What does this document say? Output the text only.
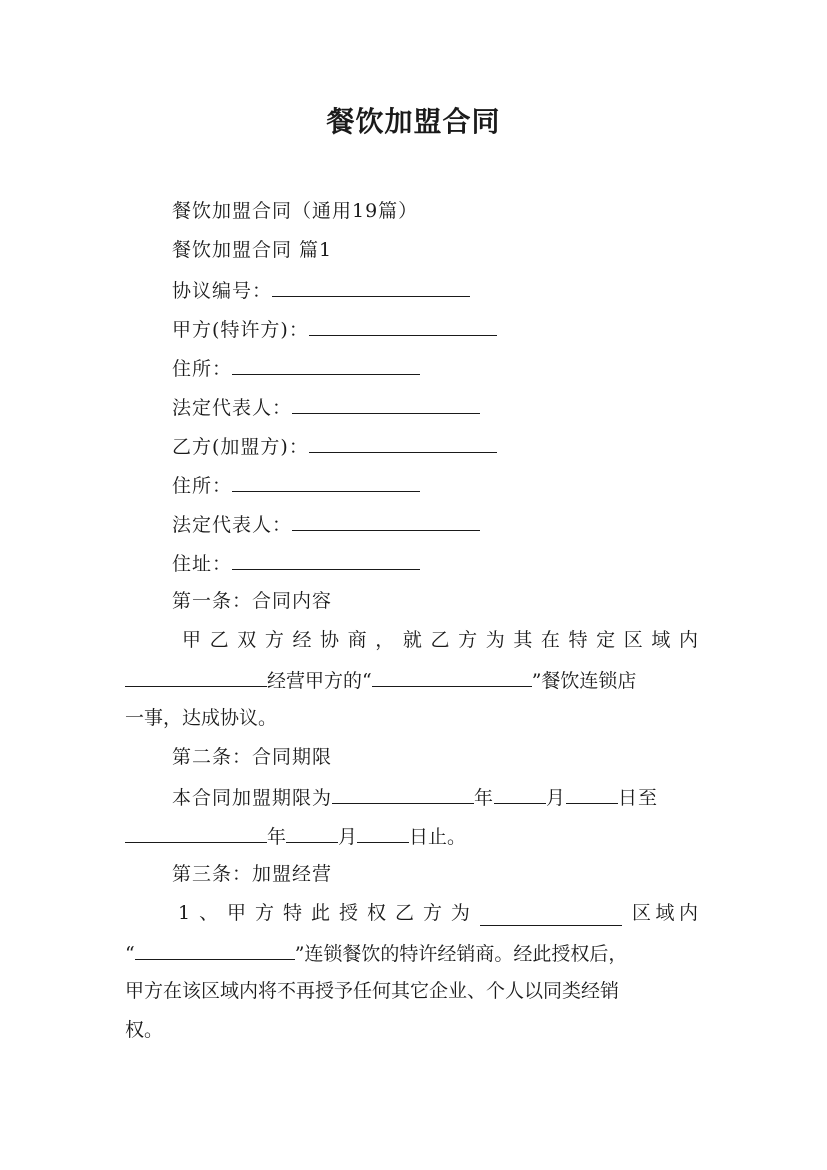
餐饮加盟合同
餐饮加盟合同（通用19篇）
餐饮加盟合同 篇1
协议编号：
甲方(特许方)：
住所：
法定代表人：
乙方(加盟方)：
住所：
法定代表人：
住址：
第一条：合同内容
甲 乙 双 方 经 协 商 ， 就 乙 方 为 其 在 特 定 区 域 内
经营甲方的“	”餐饮连锁店
一事，达成协议。
第二条：合同期限
本合同加盟期限为	年	月	日至
年	月	日止。
第三条：加盟经营
1 、 甲 方 特 此 授 权 乙 方 为	区 域 内
“	”连锁餐饮的特许经销商。经此授权后，
甲方在该区域内将不再授予任何其它企业、个人以同类经销
权。
